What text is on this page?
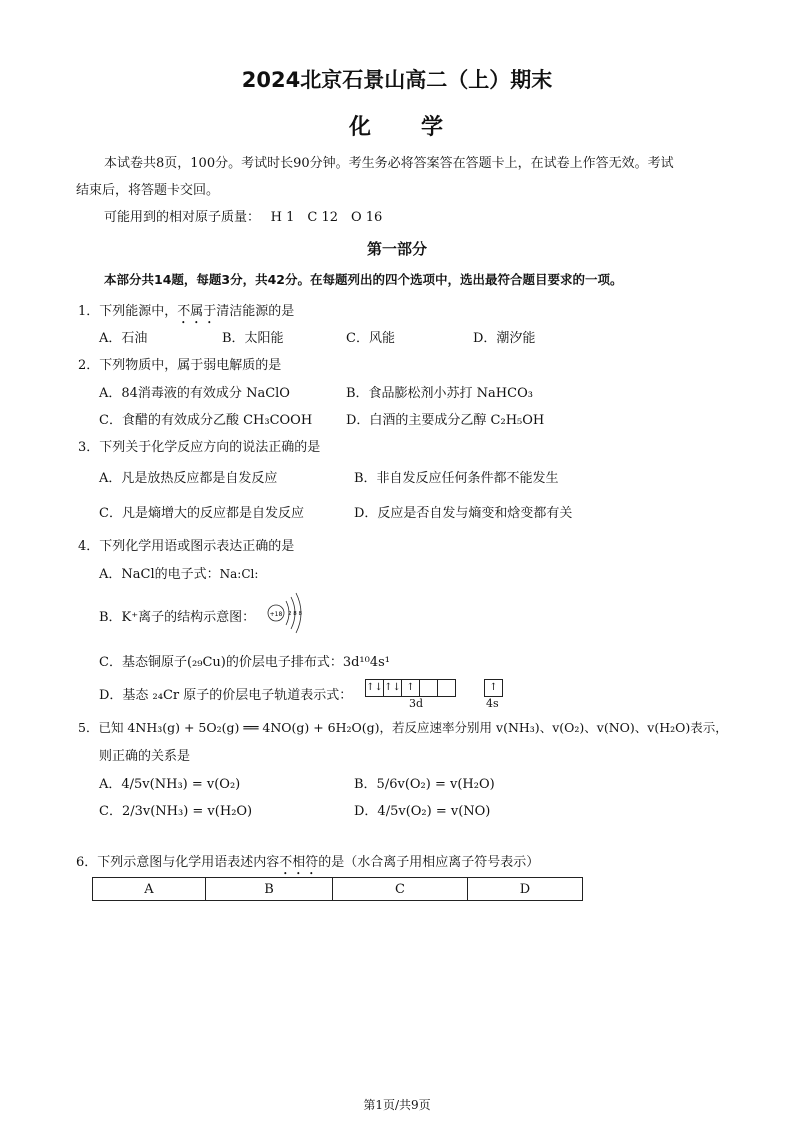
2024北京石景山高二（上）期末
化　　学
本试卷共8页，100分。考试时长90分钟。考生务必将答案答在答题卡上，在试卷上作答无效。考试
结束后，将答题卡交回。
可能用到的相对原子质量：　 H 1　C 12　O 16
第一部分
本部分共14题，每题3分，共42分。在每题列出的四个选项中，选出最符合题目要求的一项。
1．下列能源中，不属于清洁能源的是
A．石油	B．太阳能	C．风能	D．潮汐能
2．下列物质中，属于弱电解质的是
A．84消毒液的有效成分 NaClO	B．食品膨松剂小苏打 NaHCO₃
C．食醋的有效成分乙酸 CH₃COOH	D．白酒的主要成分乙醇 C₂H₅OH
3．下列关于化学反应方向的说法正确的是
A．凡是放热反应都是自发反应	B．非自发反应任何条件都不能发生
C．凡是熵增大的反应都是自发反应	D．反应是否自发与熵变和焓变都有关
4．下列化学用语或图示表达正确的是
A．NaCl的电子式：Na:Cl:
B．K⁺离子的结构示意图： +18 2 8 8
C．基态铜原子(₂₉Cu)的价层电子排布式：3d¹⁰4s¹
D．基态 ₂₄Cr 原子的价层电子轨道表示式：
↑↓↑↓ ↑	↑
3d	4s
5．已知 4NH₃(g) + 5O₂(g) ══ 4NO(g) + 6H₂O(g)，若反应速率分别用 v(NH₃)、v(O₂)、v(NO)、v(H₂O)表示，
则正确的关系是
A．4/5v(NH₃) = v(O₂)	B．5/6v(O₂) = v(H₂O)
C．2/3v(NH₃) = v(H₂O)	D．4/5v(O₂) = v(NO)
6．下列示意图与化学用语表述内容不相符的是（水合离子用相应离子符号表示）
A	B	C	D
第1页/共9页
